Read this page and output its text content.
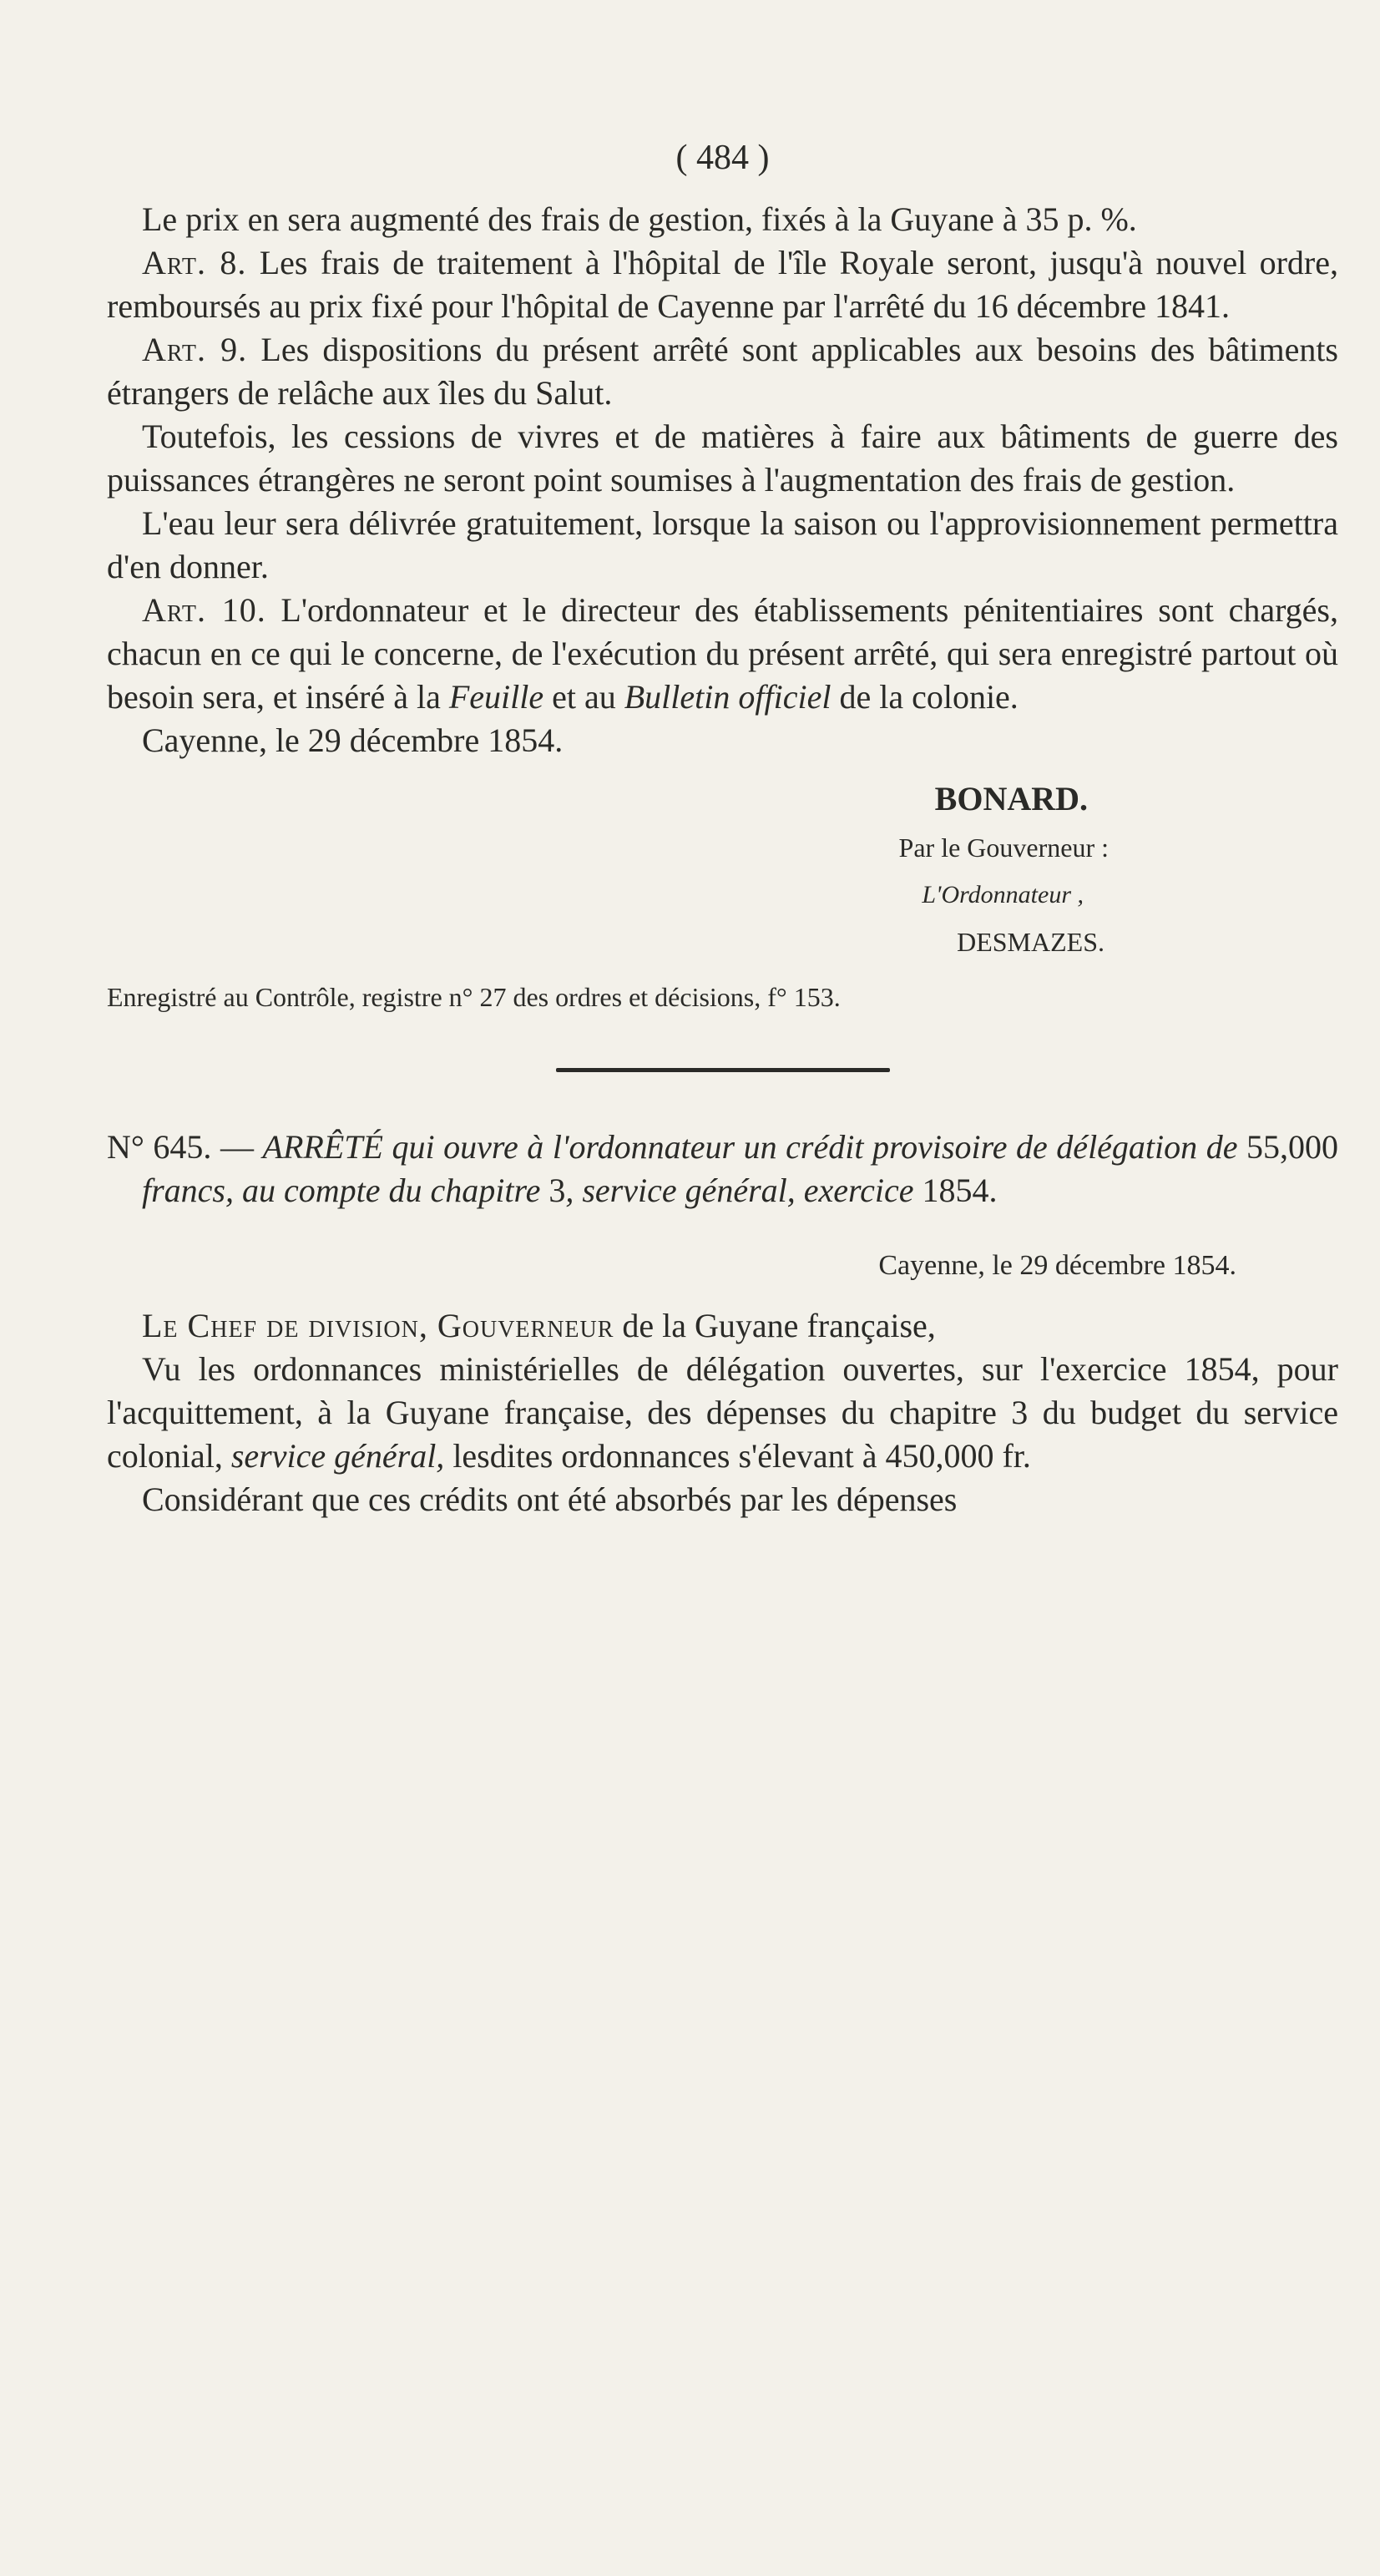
( 484 )

Le prix en sera augmenté des frais de gestion, fixés à la Guyane à 35 p. %.

Art. 8. Les frais de traitement à l'hôpital de l'île Royale seront, jusqu'à nouvel ordre, remboursés au prix fixé pour l'hôpital de Cayenne par l'arrêté du 16 décembre 1841.

Art. 9. Les dispositions du présent arrêté sont applicables aux besoins des bâtiments étrangers de relâche aux îles du Salut.

Toutefois, les cessions de vivres et de matières à faire aux bâtiments de guerre des puissances étrangères ne seront point soumises à l'augmentation des frais de gestion.

L'eau leur sera délivrée gratuitement, lorsque la saison ou l'approvisionnement permettra d'en donner.

Art. 10. L'ordonnateur et le directeur des établissements pénitentiaires sont chargés, chacun en ce qui le concerne, de l'exécution du présent arrêté, qui sera enregistré partout où besoin sera, et inséré à la Feuille et au Bulletin officiel de la colonie.

Cayenne, le 29 décembre 1854.

BONARD.
Par le Gouverneur :
L'Ordonnateur ,
DESMAZES.

Enregistré au Contrôle, registre n° 27 des ordres et décisions, f° 153.

N° 645. — ARRÊTÉ qui ouvre à l'ordonnateur un crédit provisoire de délégation de 55,000 francs, au compte du chapitre 3, service général, exercice 1854.

Cayenne, le 29 décembre 1854.

Le Chef de division, Gouverneur de la Guyane française,

Vu les ordonnances ministérielles de délégation ouvertes, sur l'exercice 1854, pour l'acquittement, à la Guyane française, des dépenses du chapitre 3 du budget du service colonial, service général, lesdites ordonnances s'élevant à 450,000 fr.

Considérant que ces crédits ont été absorbés par les dépenses
